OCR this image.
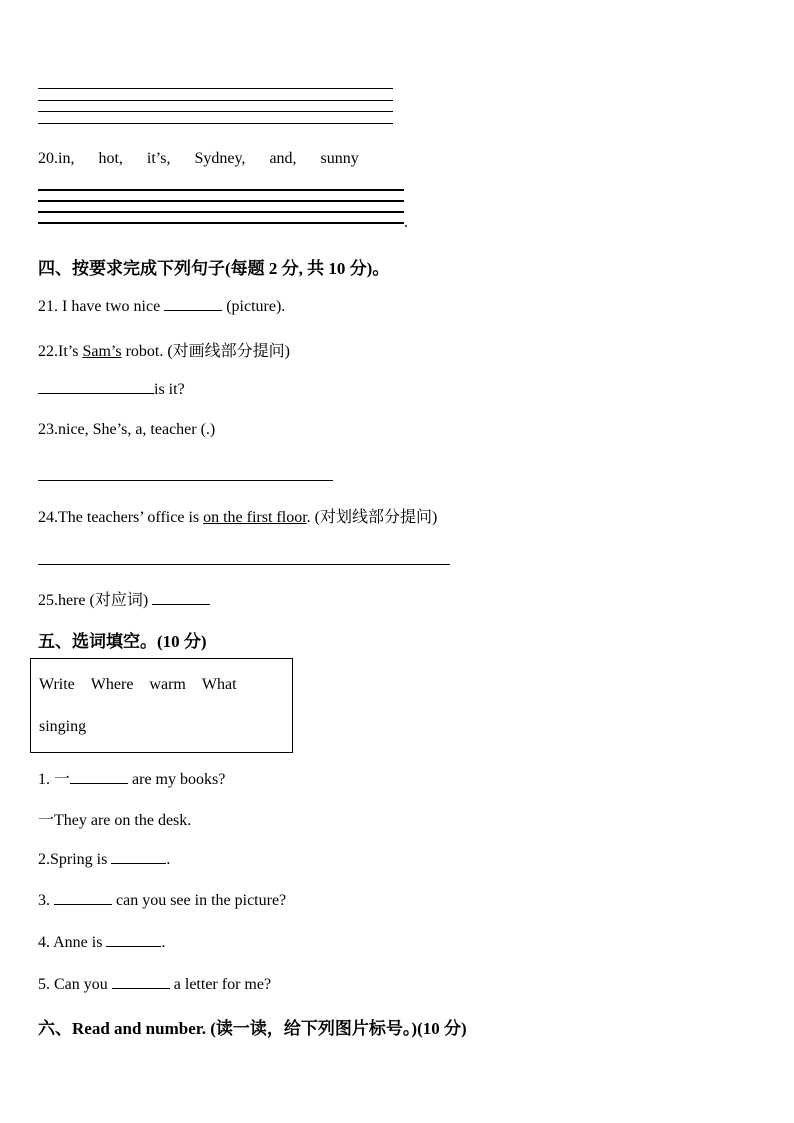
20.in, hot, it’s, Sydney, and, sunny
.
四、按要求完成下列句子(每题 2 分, 共 10 分)。
21. I have two nice	(picture).
22.It’s Sam’s robot. (对画线部分提问)
is it?
23.nice, She’s, a, teacher (.)
24.The teachers’ office is on the first floor. (对划线部分提问)
25.here (对应词)
五、选词填空。(10 分)
Write Where warm What
singing
1. 一	are my books?
一They are on the desk.
2.Spring is	.
3.	can you see in the picture?
4. Anne is	.
5. Can you	a letter for me?
六、Read and number. (读一读，给下列图片标号。)(10 分)
